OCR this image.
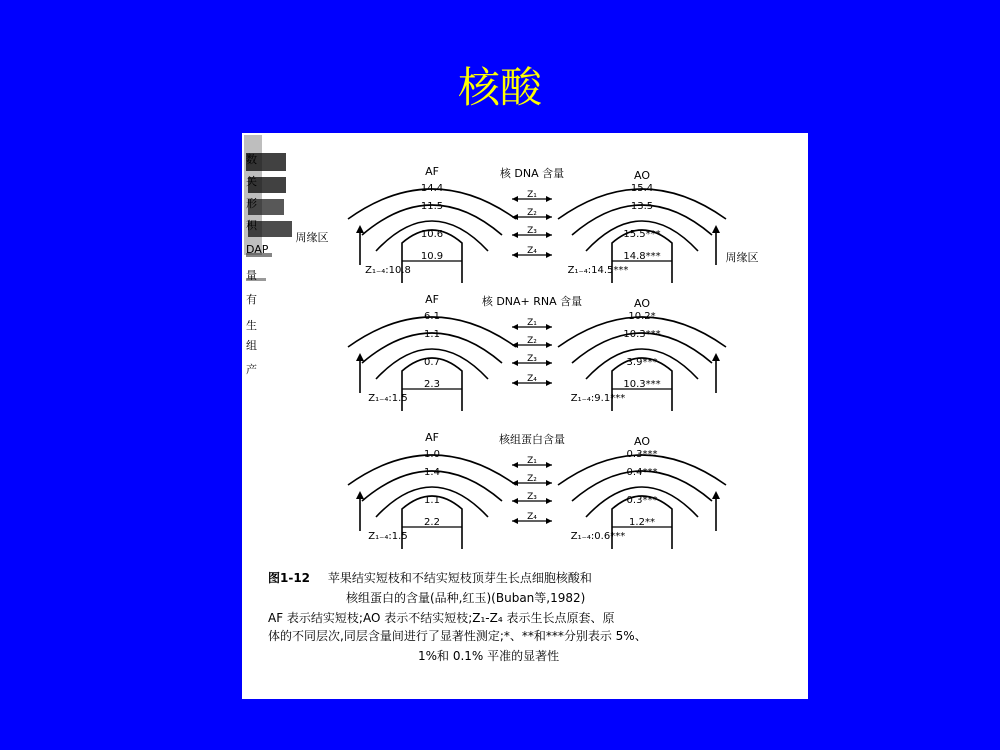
核酸
数
关
形
积
DAP
量
有
生
组
产
周缘区
核 DNA 含量
AF	AO
14.4
11.5
10.6
10.9
Z₁₋₄:10.8
15.4
13.5
15.5***
14.8***
Z₁₋₄:14.5***
Z₁
Z₂
Z₃
Z₄
核 DNA+ RNA 含量
AF	AO
6.1
1.1
0.7
2.3
Z₁₋₄:1.5
10.2*
10.3***
3.9***
10.3***
Z₁₋₄:9.1***
Z₁
Z₂
Z₃
Z₄
核组蛋白含量
AF	AO
1.0
1.4
1.1
2.2
Z₁₋₄:1.5
0.3***
0.4***
0.3***
1.2**
Z₁₋₄:0.6***
Z₁
Z₂
Z₃
Z₄
周缘区
图1-12 苹果结实短枝和不结实短枝顶芽生长点细胞核酸和
核组蛋白的含量(品种,红玉)(Buban等,1982)
AF 表示结实短枝;AO 表示不结实短枝;Z₁-Z₄ 表示生长点原套、原
体的不同层次,同层含量间进行了显著性测定;*、**和***分别表示 5%、
1%和 0.1% 平准的显著性
